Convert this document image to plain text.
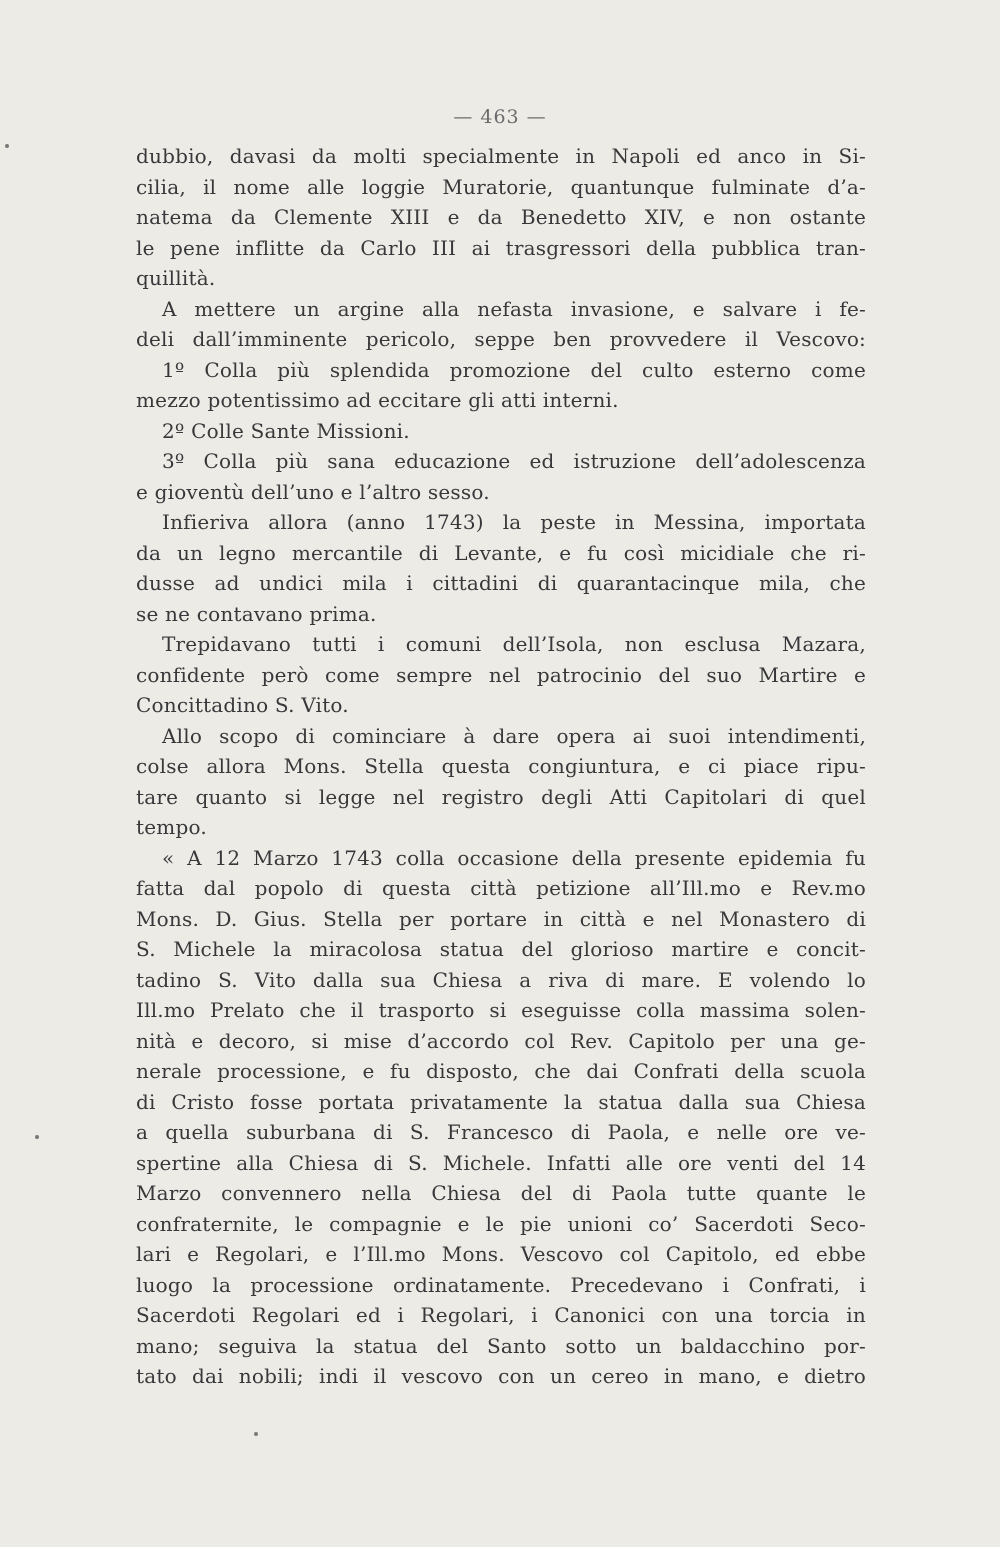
— 463 —
dubbio, davasi da molti specialmente in Napoli ed anco in Si-
cilia, il nome alle loggie Muratorie, quantunque fulminate d’a-
natema da Clemente XIII e da Benedetto XIV, e non ostante
le pene inflitte da Carlo III ai trasgressori della pubblica tran-
quillità.
A mettere un argine alla nefasta invasione, e salvare i fe-
deli dall’imminente pericolo, seppe ben provvedere il Vescovo:
1º Colla più splendida promozione del culto esterno come
mezzo potentissimo ad eccitare gli atti interni.
2º Colle Sante Missioni.
3º Colla più sana educazione ed istruzione dell’adolescenza
e gioventù dell’uno e l’altro sesso.
Infieriva allora (anno 1743) la peste in Messina, importata
da un legno mercantile di Levante, e fu così micidiale che ri-
dusse ad undici mila i cittadini di quarantacinque mila, che
se ne contavano prima.
Trepidavano tutti i comuni dell’Isola, non esclusa Mazara,
confidente però come sempre nel patrocinio del suo Martire e
Concittadino S. Vito.
Allo scopo di cominciare à dare opera ai suoi intendimenti,
colse allora Mons. Stella questa congiuntura, e ci piace ripu-
tare quanto si legge nel registro degli Atti Capitolari di quel
tempo.
« A 12 Marzo 1743 colla occasione della presente epidemia fu
fatta dal popolo di questa città petizione all’Ill.mo e Rev.mo
Mons. D. Gius. Stella per portare in città e nel Monastero di
S. Michele la miracolosa statua del glorioso martire e concit-
tadino S. Vito dalla sua Chiesa a riva di mare. E volendo lo
Ill.mo Prelato che il trasporto si eseguisse colla massima solen-
nità e decoro, si mise d’accordo col Rev. Capitolo per una ge-
nerale processione, e fu disposto, che dai Confrati della scuola
di Cristo fosse portata privatamente la statua dalla sua Chiesa
a quella suburbana di S. Francesco di Paola, e nelle ore ve-
spertine alla Chiesa di S. Michele. Infatti alle ore venti del 14
Marzo convennero nella Chiesa del di Paola tutte quante le
confraternite, le compagnie e le pie unioni co’ Sacerdoti Seco-
lari e Regolari, e l’Ill.mo Mons. Vescovo col Capitolo, ed ebbe
luogo la processione ordinatamente. Precedevano i Confrati, i
Sacerdoti Regolari ed i Regolari, i Canonici con una torcia in
mano; seguiva la statua del Santo sotto un baldacchino por-
tato dai nobili; indi il vescovo con un cereo in mano, e dietro
